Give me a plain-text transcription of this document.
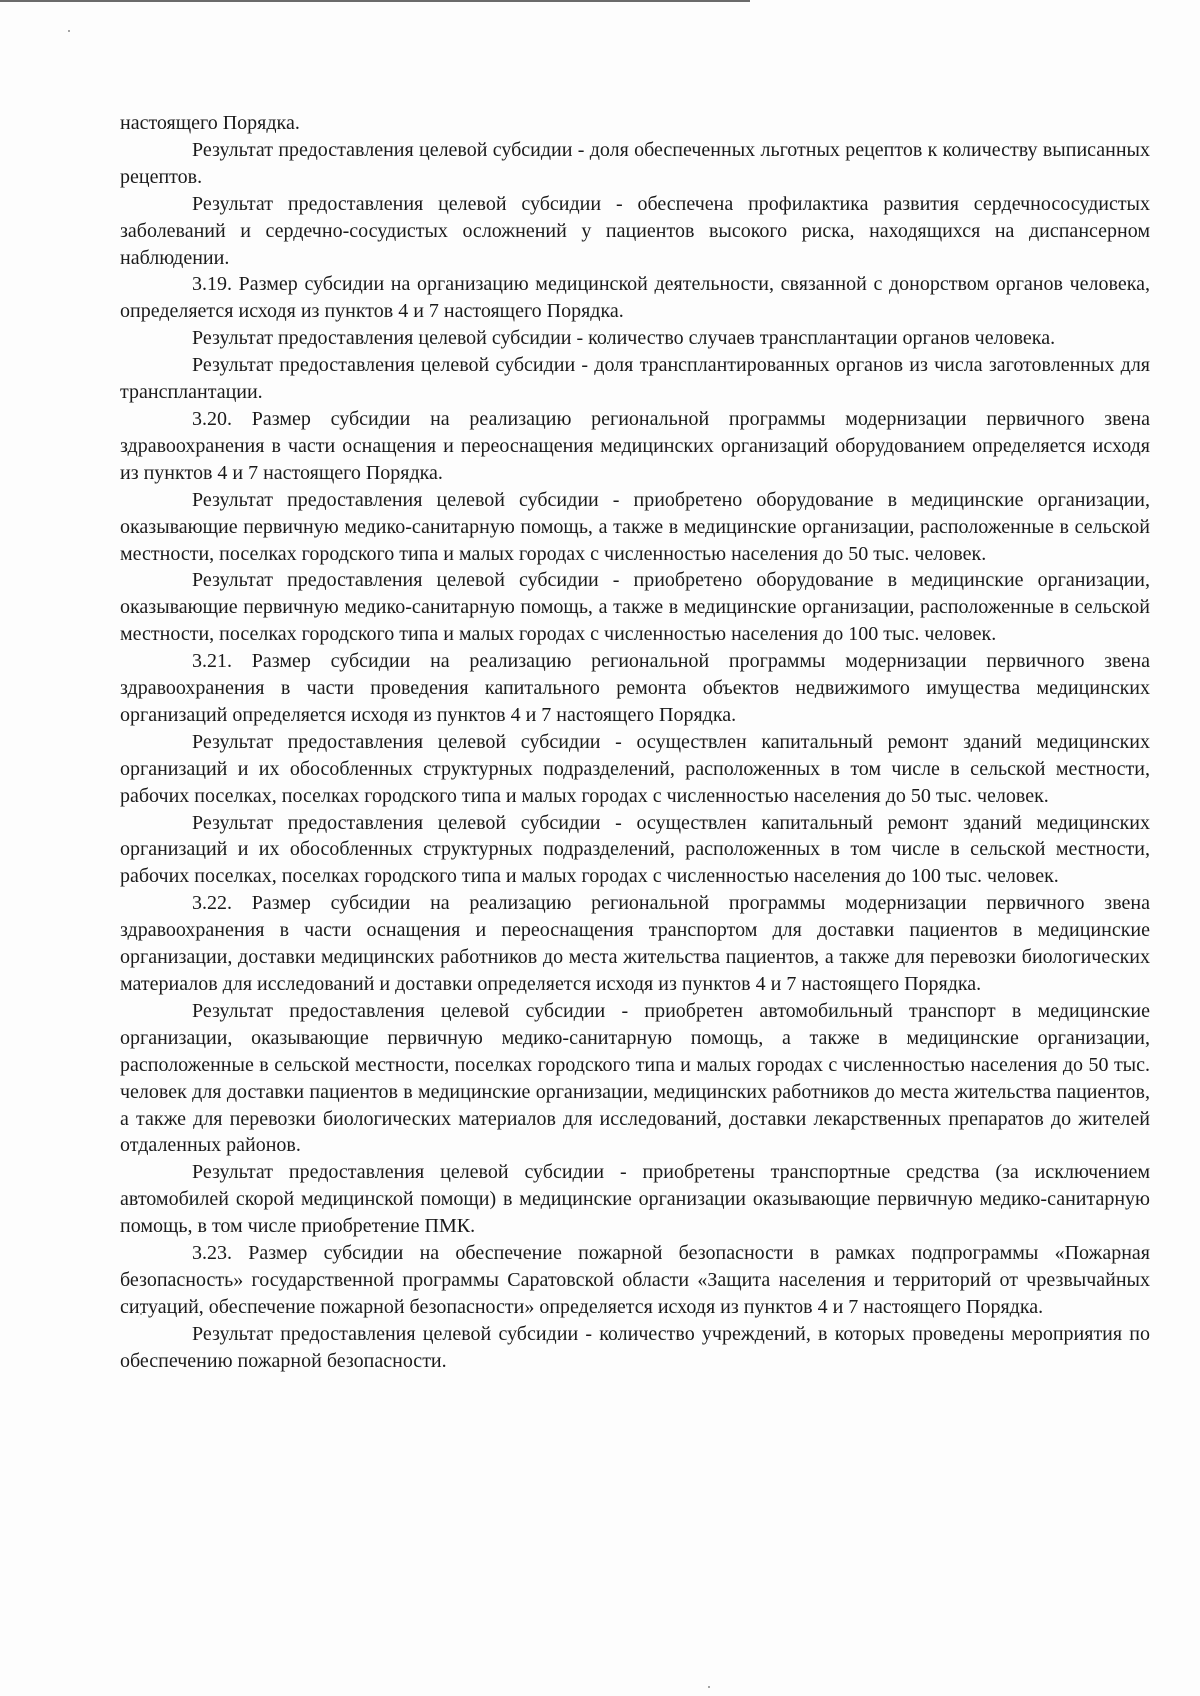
настоящего Порядка.

Результат предоставления целевой субсидии - доля обеспеченных льготных рецептов к количеству выписанных рецептов.

Результат предоставления целевой субсидии - обеспечена профилактика развития сердечнососудистых заболеваний и сердечно-сосудистых осложнений у пациентов высокого риска, находящихся на диспансерном наблюдении.

3.19. Размер субсидии на организацию медицинской деятельности, связанной с донорством органов человека, определяется исходя из пунктов 4 и 7 настоящего Порядка.

Результат предоставления целевой субсидии - количество случаев трансплантации органов человека.

Результат предоставления целевой субсидии - доля трансплантированных органов из числа заготовленных для трансплантации.

3.20. Размер субсидии на реализацию региональной программы модернизации первичного звена здравоохранения в части оснащения и переоснащения медицинских организаций оборудованием определяется исходя из пунктов 4 и 7 настоящего Порядка.

Результат предоставления целевой субсидии - приобретено оборудование в медицинские организации, оказывающие первичную медико-санитарную помощь, а также в медицинские организации, расположенные в сельской местности, поселках городского типа и малых городах с численностью населения до 50 тыс. человек.

Результат предоставления целевой субсидии - приобретено оборудование в медицинские организации, оказывающие первичную медико-санитарную помощь, а также в медицинские организации, расположенные в сельской местности, поселках городского типа и малых городах с численностью населения до 100 тыс. человек.

3.21. Размер субсидии на реализацию региональной программы модернизации первичного звена здравоохранения в части проведения капитального ремонта объектов недвижимого имущества медицинских организаций определяется исходя из пунктов 4 и 7 настоящего Порядка.

Результат предоставления целевой субсидии - осуществлен капитальный ремонт зданий медицинских организаций и их обособленных структурных подразделений, расположенных в том числе в сельской местности, рабочих поселках, поселках городского типа и малых городах с численностью населения до 50 тыс. человек.

Результат предоставления целевой субсидии - осуществлен капитальный ремонт зданий медицинских организаций и их обособленных структурных подразделений, расположенных в том числе в сельской местности, рабочих поселках, поселках городского типа и малых городах с численностью населения до 100 тыс. человек.

3.22. Размер субсидии на реализацию региональной программы модернизации первичного звена здравоохранения в части оснащения и переоснащения транспортом для доставки пациентов в медицинские организации, доставки медицинских работников до места жительства пациентов, а также для перевозки биологических материалов для исследований и доставки определяется исходя из пунктов 4 и 7 настоящего Порядка.

Результат предоставления целевой субсидии - приобретен автомобильный транспорт в медицинские организации, оказывающие первичную медико-санитарную помощь, а также в медицинские организации, расположенные в сельской местности, поселках городского типа и малых городах с численностью населения до 50 тыс. человек для доставки пациентов в медицинские организации, медицинских работников до места жительства пациентов, а также для перевозки биологических материалов для исследований, доставки лекарственных препаратов до жителей отдаленных районов.

Результат предоставления целевой субсидии - приобретены транспортные средства (за исключением автомобилей скорой медицинской помощи) в медицинские организации оказывающие первичную медико-санитарную помощь, в том числе приобретение ПМК.

3.23. Размер субсидии на обеспечение пожарной безопасности в рамках подпрограммы «Пожарная безопасность» государственной программы Саратовской области «Защита населения и территорий от чрезвычайных ситуаций, обеспечение пожарной безопасности» определяется исходя из пунктов 4 и 7 настоящего Порядка.

Результат предоставления целевой субсидии - количество учреждений, в которых проведены мероприятия по обеспечению пожарной безопасности.
